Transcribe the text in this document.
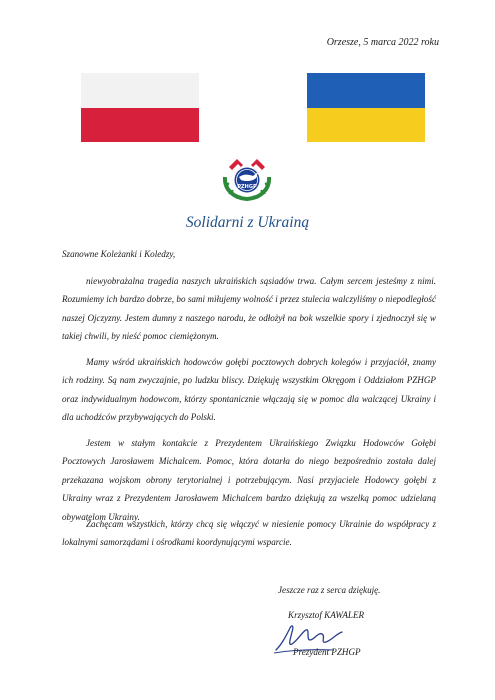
Orzesze, 5 marca 2022 roku
PZHGP
Solidarni z Ukrainą
Szanowne Koleżanki i Koledzy,

niewyobrażalna tragedia naszych ukraińskich sąsiadów trwa. Całym sercem jesteśmy z nimi. Rozumiemy ich bardzo dobrze, bo sami miłujemy wolność i przez stulecia walczyliśmy o niepodległość naszej Ojczyzny. Jestem dumny z naszego narodu, że odłożył na bok wszelkie spory i zjednoczył się w takiej chwili, by nieść pomoc ciemiężonym.

Mamy wśród ukraińskich hodowców gołębi pocztowych dobrych kolegów i przyjaciół, znamy ich rodziny. Są nam zwyczajnie, po ludzku bliscy. Dziękuję wszystkim Okręgom i Oddziałom PZHGP oraz indywidualnym hodowcom, którzy spontanicznie włączają się w pomoc dla walczącej Ukrainy i dla uchodźców przybywających do Polski.

Jestem w stałym kontakcie z Prezydentem Ukraińskiego Związku Hodowców Gołębi Pocztowych Jarosławem Michalcem. Pomoc, która dotarła do niego bezpośrednio została dalej przekazana wojskom obrony terytorialnej i potrzebującym. Nasi przyjaciele Hodowcy gołębi z Ukrainy wraz z Prezydentem Jarosławem Michalcem bardzo dziękują za wszelką pomoc udzielaną obywatelom Ukrainy.

Zachęcam wszystkich, którzy chcą się włączyć w niesienie pomocy Ukrainie do współpracy z lokalnymi samorządami i ośrodkami koordynującymi wsparcie.

Jeszcze raz z serca dziękuję.
Krzysztof KAWALER
Prezydent PZHGP
